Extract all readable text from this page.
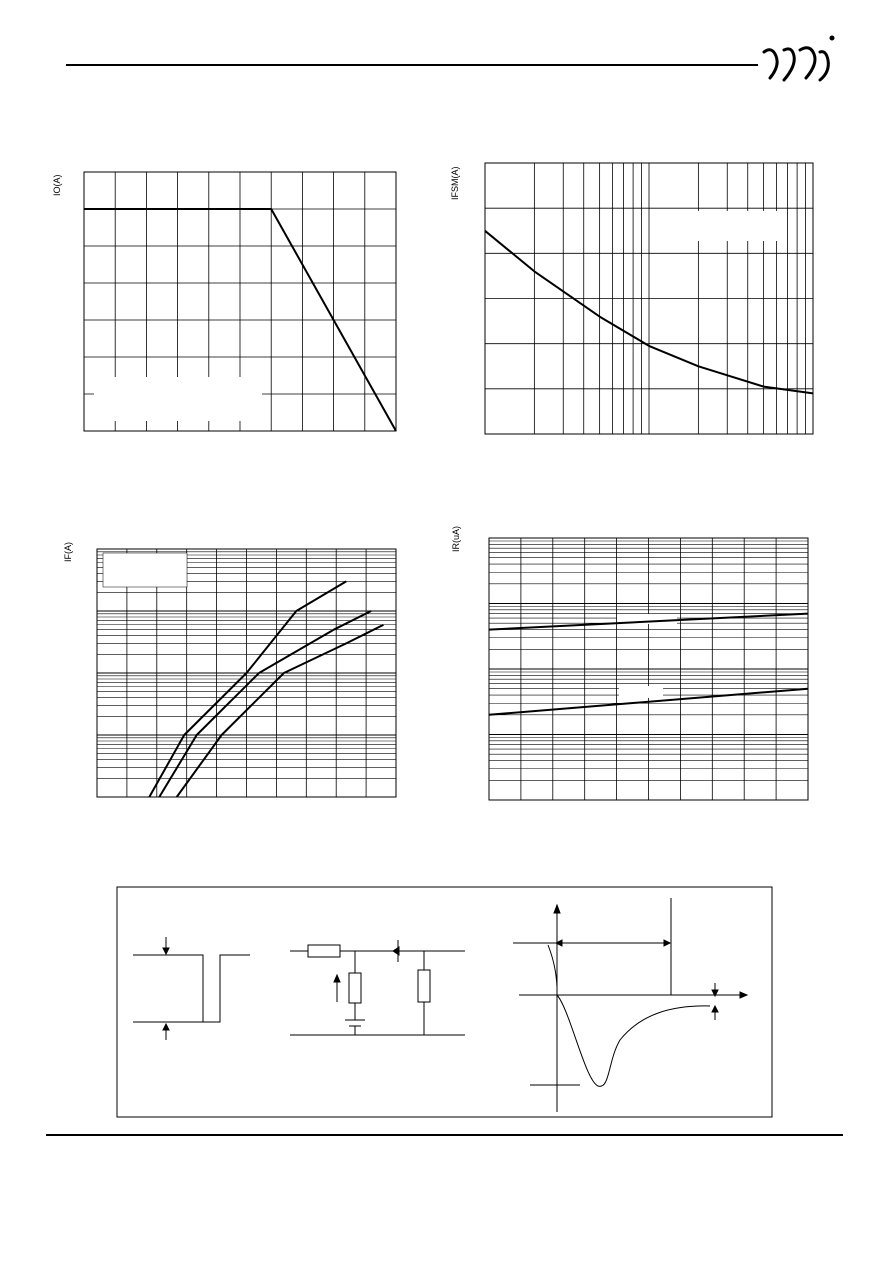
IO(A)	IFSM(A)
IF(A)	IR(uA)
